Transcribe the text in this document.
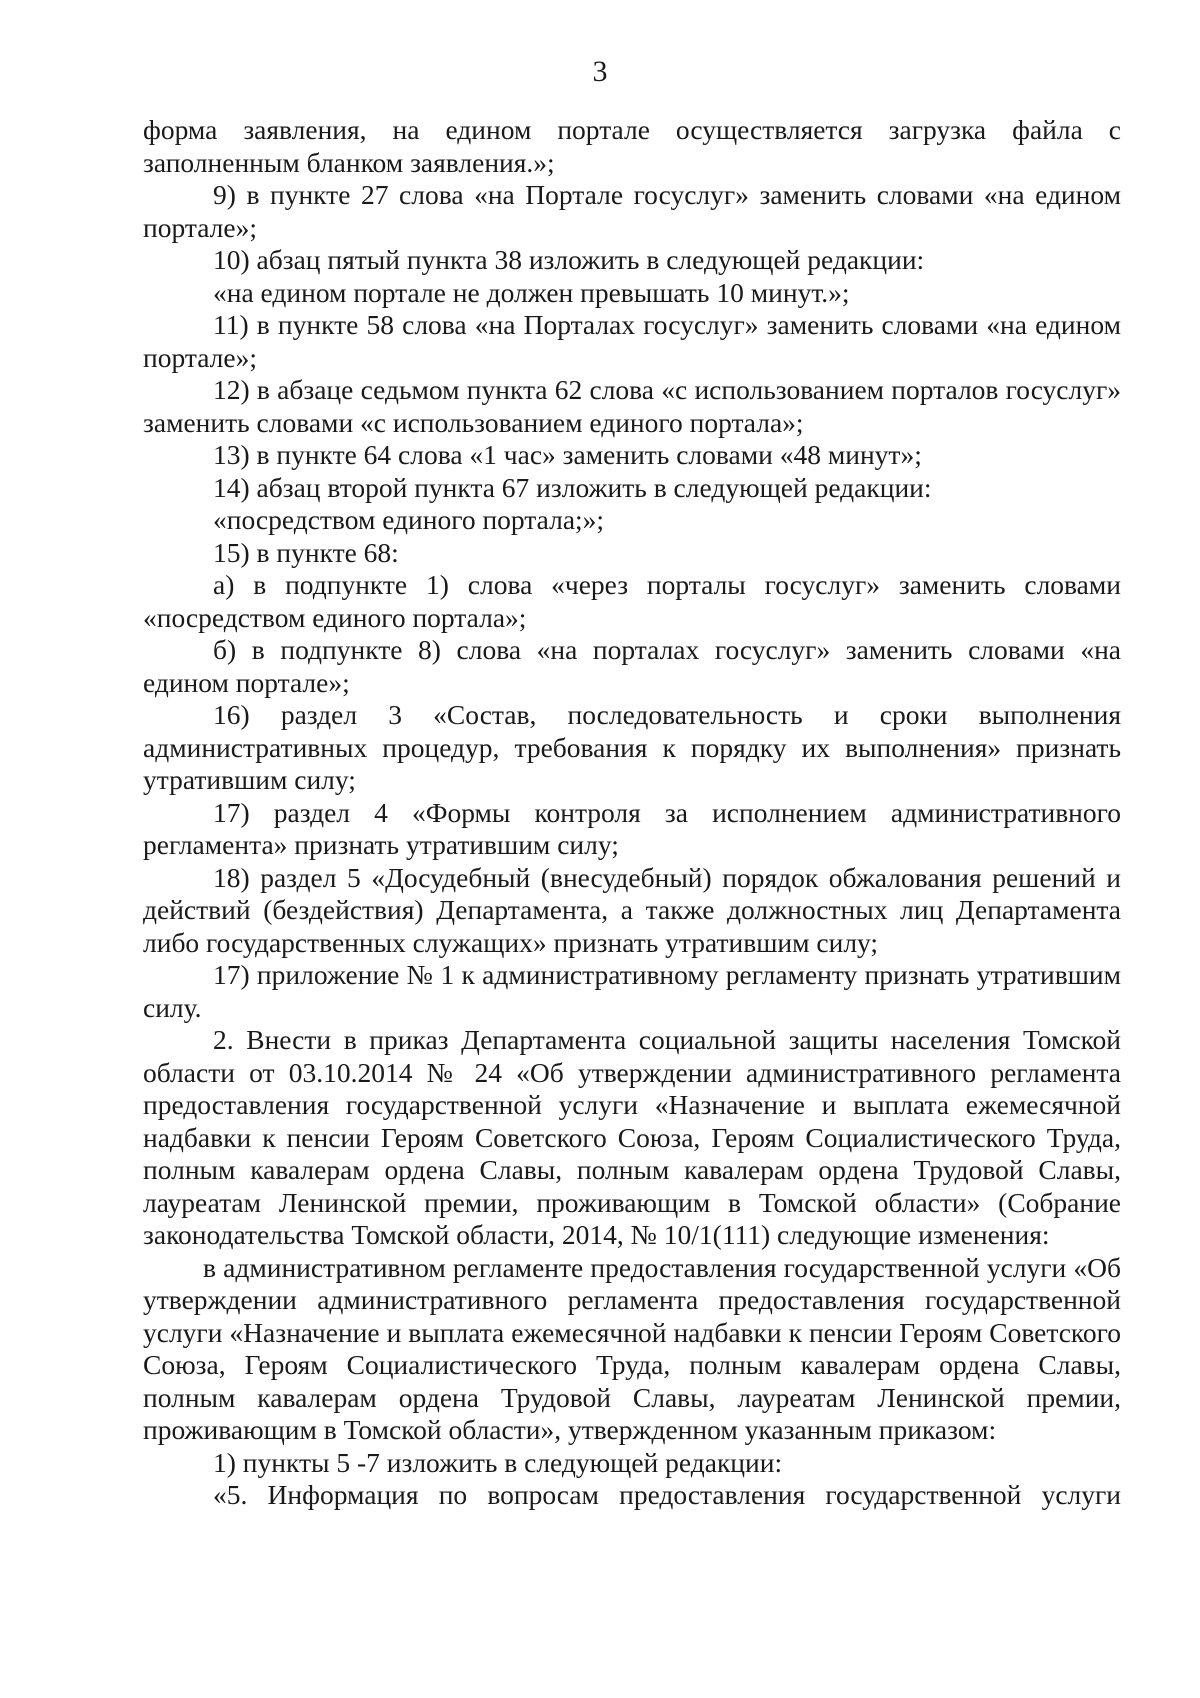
3

форма заявления, на едином портале осуществляется загрузка файла с заполненным бланком заявления.»;

9) в пункте 27 слова «на Портале госуслуг» заменить словами «на едином портале»;

10) абзац пятый пункта 38 изложить в следующей редакции:

«на едином портале не должен превышать 10 минут.»;

11) в пункте 58 слова «на Порталах госуслуг» заменить словами «на едином портале»;

12) в абзаце седьмом пункта 62 слова «с использованием порталов госуслуг» заменить словами «с использованием единого портала»;

13) в пункте 64 слова «1 час» заменить словами «48 минут»;

14) абзац второй пункта 67 изложить в следующей редакции:

«посредством единого портала;»;

15) в пункте 68:

а) в подпункте 1) слова «через порталы госуслуг» заменить словами «посредством единого портала»;

б) в подпункте 8) слова «на порталах госуслуг» заменить словами «на едином портале»;

16) раздел 3 «Состав, последовательность и сроки выполнения административных процедур, требования к порядку их выполнения» признать утратившим силу;

17) раздел 4 «Формы контроля за исполнением административного регламента» признать утратившим силу;

18) раздел 5 «Досудебный (внесудебный) порядок обжалования решений и действий (бездействия) Департамента, а также должностных лиц Департамента либо государственных служащих» признать утратившим силу;

17) приложение № 1 к административному регламенту признать утратившим силу.

2. Внести в приказ Департамента социальной защиты населения Томской области от 03.10.2014 № 24 «Об утверждении административного регламента предоставления государственной услуги «Назначение и выплата ежемесячной надбавки к пенсии Героям Советского Союза, Героям Социалистического Труда, полным кавалерам ордена Славы, полным кавалерам ордена Трудовой Славы, лауреатам Ленинской премии, проживающим в Томской области» (Собрание законодательства Томской области, 2014, № 10/1(111) следующие изменения:

в административном регламенте предоставления государственной услуги «Об утверждении административного регламента предоставления государственной услуги «Назначение и выплата ежемесячной надбавки к пенсии Героям Советского Союза, Героям Социалистического Труда, полным кавалерам ордена Славы, полным кавалерам ордена Трудовой Славы, лауреатам Ленинской премии, проживающим в Томской области», утвержденном указанным приказом:

1) пункты 5 -7 изложить в следующей редакции:

«5. Информация по вопросам предоставления государственной услуги
